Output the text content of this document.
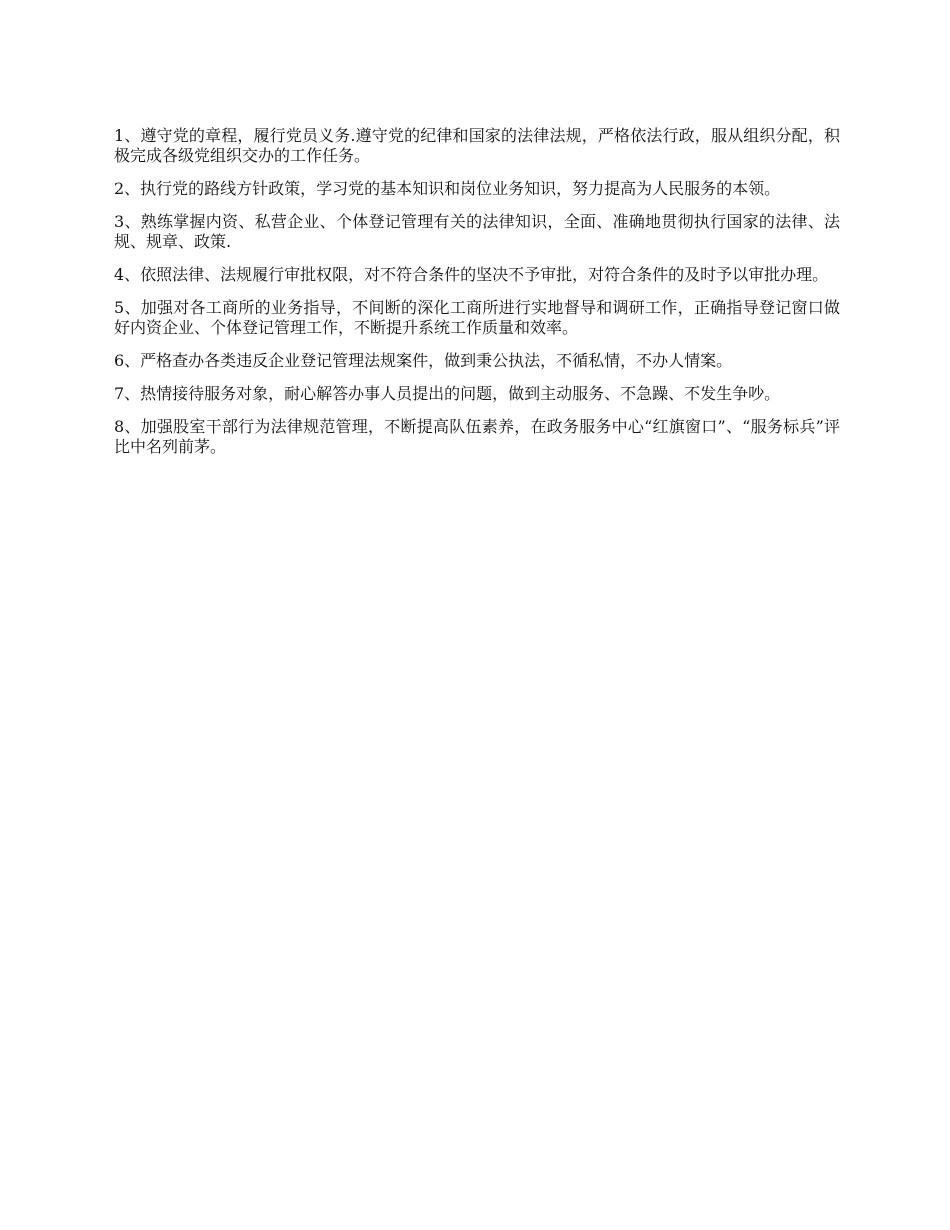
1、遵守党的章程，履行党员义务.遵守党的纪律和国家的法律法规，严格依法行政，服从组织分配，积极完成各级党组织交办的工作任务。

2、执行党的路线方针政策，学习党的基本知识和岗位业务知识，努力提高为人民服务的本领。

3、熟练掌握内资、私营企业、个体登记管理有关的法律知识，全面、准确地贯彻执行国家的法律、法规、规章、政策.

4、依照法律、法规履行审批权限，对不符合条件的坚决不予审批，对符合条件的及时予以审批办理。

5、加强对各工商所的业务指导，不间断的深化工商所进行实地督导和调研工作，正确指导登记窗口做好内资企业、个体登记管理工作，不断提升系统工作质量和效率。

6、严格查办各类违反企业登记管理法规案件，做到秉公执法，不循私情，不办人情案。

7、热情接待服务对象，耐心解答办事人员提出的问题，做到主动服务、不急躁、不发生争吵。

8、加强股室干部行为法律规范管理，不断提高队伍素养，在政务服务中心“红旗窗口”、“服务标兵”评比中名列前茅。
